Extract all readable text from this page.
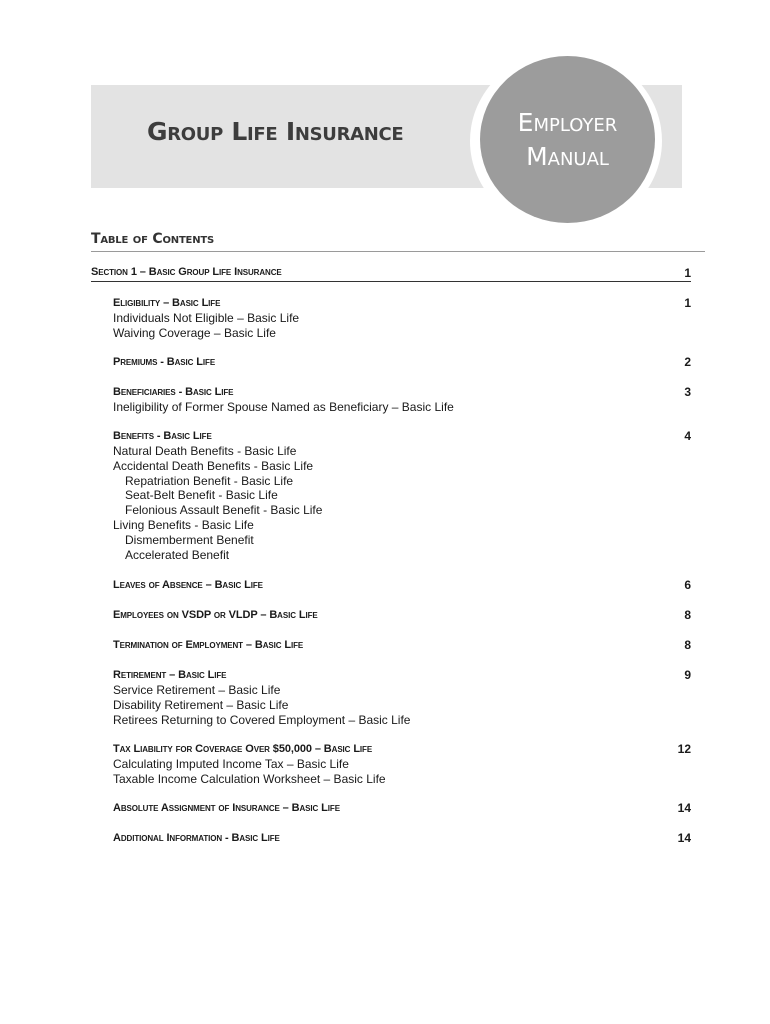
Group Life Insurance	Employer
Manual
Table of Contents
Section 1 – Basic Group Life Insurance	1
Eligibility – Basic Life	1
Individuals Not Eligible – Basic Life
Waiving Coverage – Basic Life
Premiums - Basic Life	2
Beneficiaries - Basic Life	3
Ineligibility of Former Spouse Named as Beneficiary – Basic Life
Benefits - Basic Life	4
Natural Death Benefits - Basic Life
Accidental Death Benefits - Basic Life
Repatriation Benefit - Basic Life
Seat-Belt Benefit - Basic Life
Felonious Assault Benefit - Basic Life
Living Benefits - Basic Life
Dismemberment Benefit
Accelerated Benefit
Leaves of Absence – Basic Life	6
Employees on VSDP or VLDP – Basic Life	8
Termination of Employment – Basic Life	8
Retirement – Basic Life	9
Service Retirement – Basic Life
Disability Retirement – Basic Life
Retirees Returning to Covered Employment – Basic Life
Tax Liability for Coverage Over $50,000 – Basic Life	12
Calculating Imputed Income Tax – Basic Life
Taxable Income Calculation Worksheet – Basic Life
Absolute Assignment of Insurance – Basic Life	14
Additional Information - Basic Life	14
